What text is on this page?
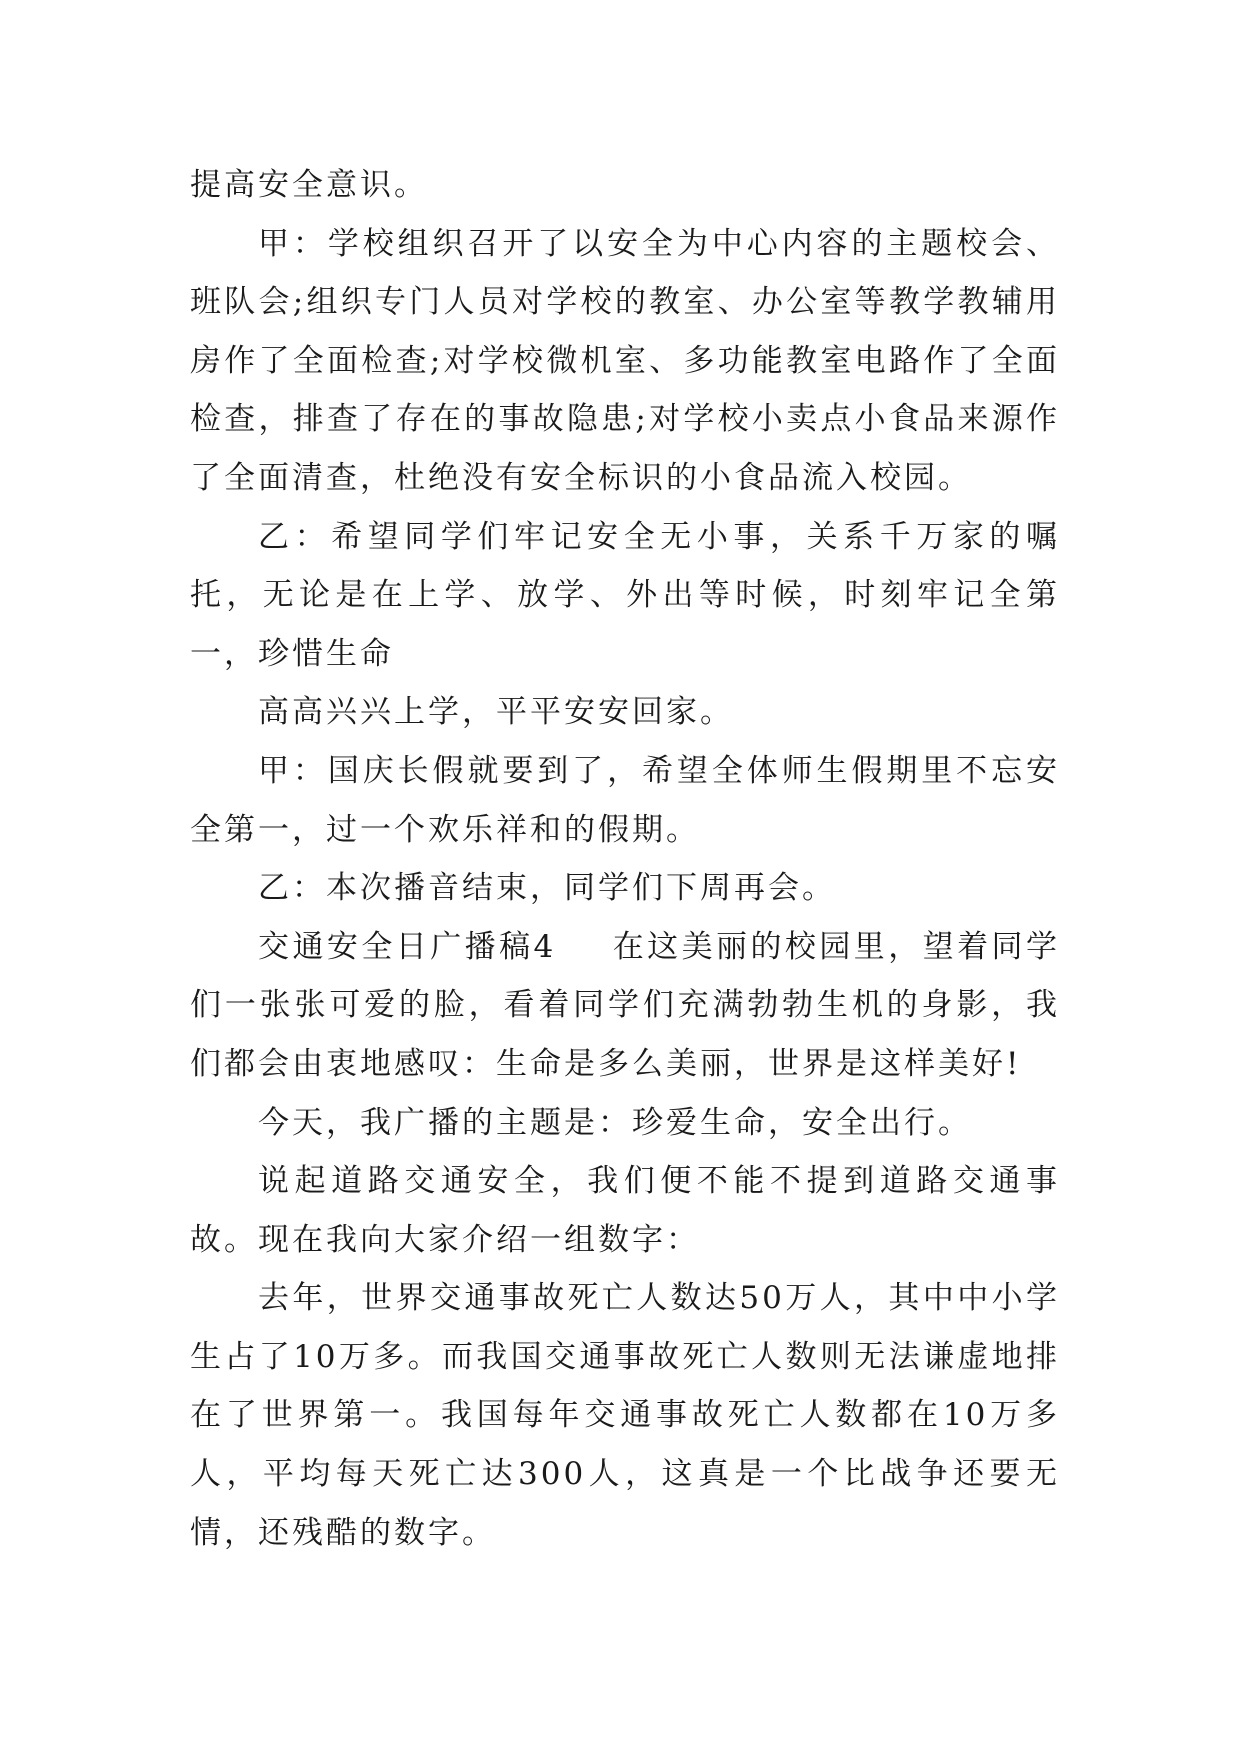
提高安全意识。

甲：学校组织召开了以安全为中心内容的主题校会、班队会;组织专门人员对学校的教室、办公室等教学教辅用房作了全面检查;对学校微机室、多功能教室电路作了全面检查，排查了存在的事故隐患;对学校小卖点小食品来源作了全面清查，杜绝没有安全标识的小食品流入校园。

乙：希望同学们牢记安全无小事，关系千万家的嘱托，无论是在上学、放学、外出等时候，时刻牢记全第一，珍惜生命

高高兴兴上学，平平安安回家。

甲：国庆长假就要到了，希望全体师生假期里不忘安全第一，过一个欢乐祥和的假期。

乙：本次播音结束，同学们下周再会。

交通安全日广播稿4 在这美丽的校园里，望着同学们一张张可爱的脸，看着同学们充满勃勃生机的身影，我们都会由衷地感叹：生命是多么美丽，世界是这样美好!

今天，我广播的主题是：珍爱生命，安全出行。

说起道路交通安全，我们便不能不提到道路交通事故。现在我向大家介绍一组数字：

去年，世界交通事故死亡人数达50万人，其中中小学生占了10万多。而我国交通事故死亡人数则无法谦虚地排在了世界第一。我国每年交通事故死亡人数都在10万多人，平均每天死亡达300人，这真是一个比战争还要无情，还残酷的数字。
